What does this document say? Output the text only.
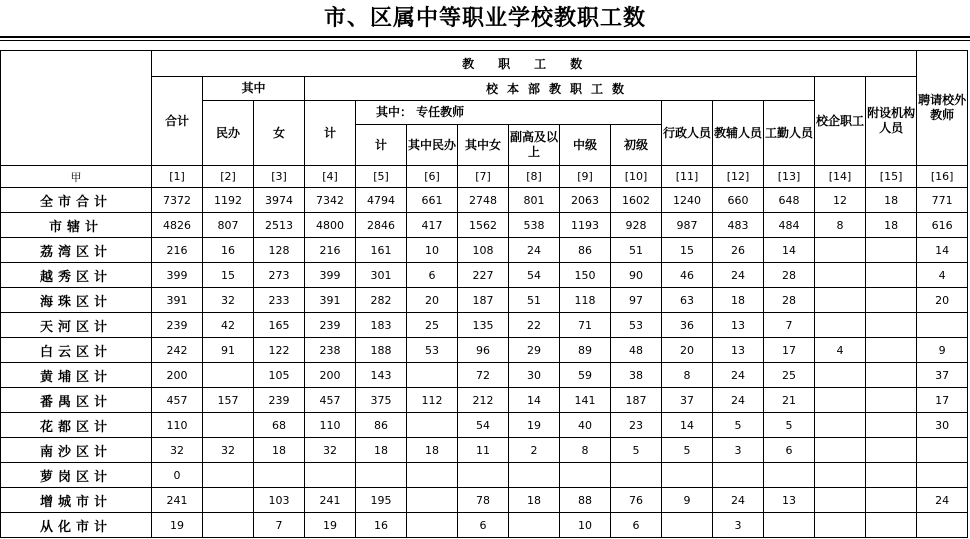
市、区属中等职业学校教职工数
	教职工数															聘请校外教师
	合计	其中		校本部教职工数										校企职工	附设机构人员	
		民办	女	计	其中： 专任教师						行政人员	教辅人员	工勤人员			
					计	其中民办	其中女	副高及以上	中级	初级						
甲	[1]	[2]	[3]	[4]	[5]	[6]	[7]	[8]	[9]	[10]	[11]	[12]	[13]	[14]	[15]	[16]
全市合计	7372	1192	3974	7342	4794	661	2748	801	2063	1602	1240	660	648	12	18	771
市辖计	4826	807	2513	4800	2846	417	1562	538	1193	928	987	483	484	8	18	616
荔湾区计	216	16	128	216	161	10	108	24	86	51	15	26	14			14
越秀区计	399	15	273	399	301	6	227	54	150	90	46	24	28			4
海珠区计	391	32	233	391	282	20	187	51	118	97	63	18	28			20
天河区计	239	42	165	239	183	25	135	22	71	53	36	13	7			
白云区计	242	91	122	238	188	53	96	29	89	48	20	13	17	4		9
黄埔区计	200		105	200	143		72	30	59	38	8	24	25			37
番禺区计	457	157	239	457	375	112	212	14	141	187	37	24	21			17
花都区计	110		68	110	86		54	19	40	23	14	5	5			30
南沙区计	32	32	18	32	18	18	11	2	8	5	5	3	6			
萝岗区计	0															
增城市计	241		103	241	195		78	18	88	76	9	24	13			24
从化市计	19		7	19	16		6		10	6		3				
